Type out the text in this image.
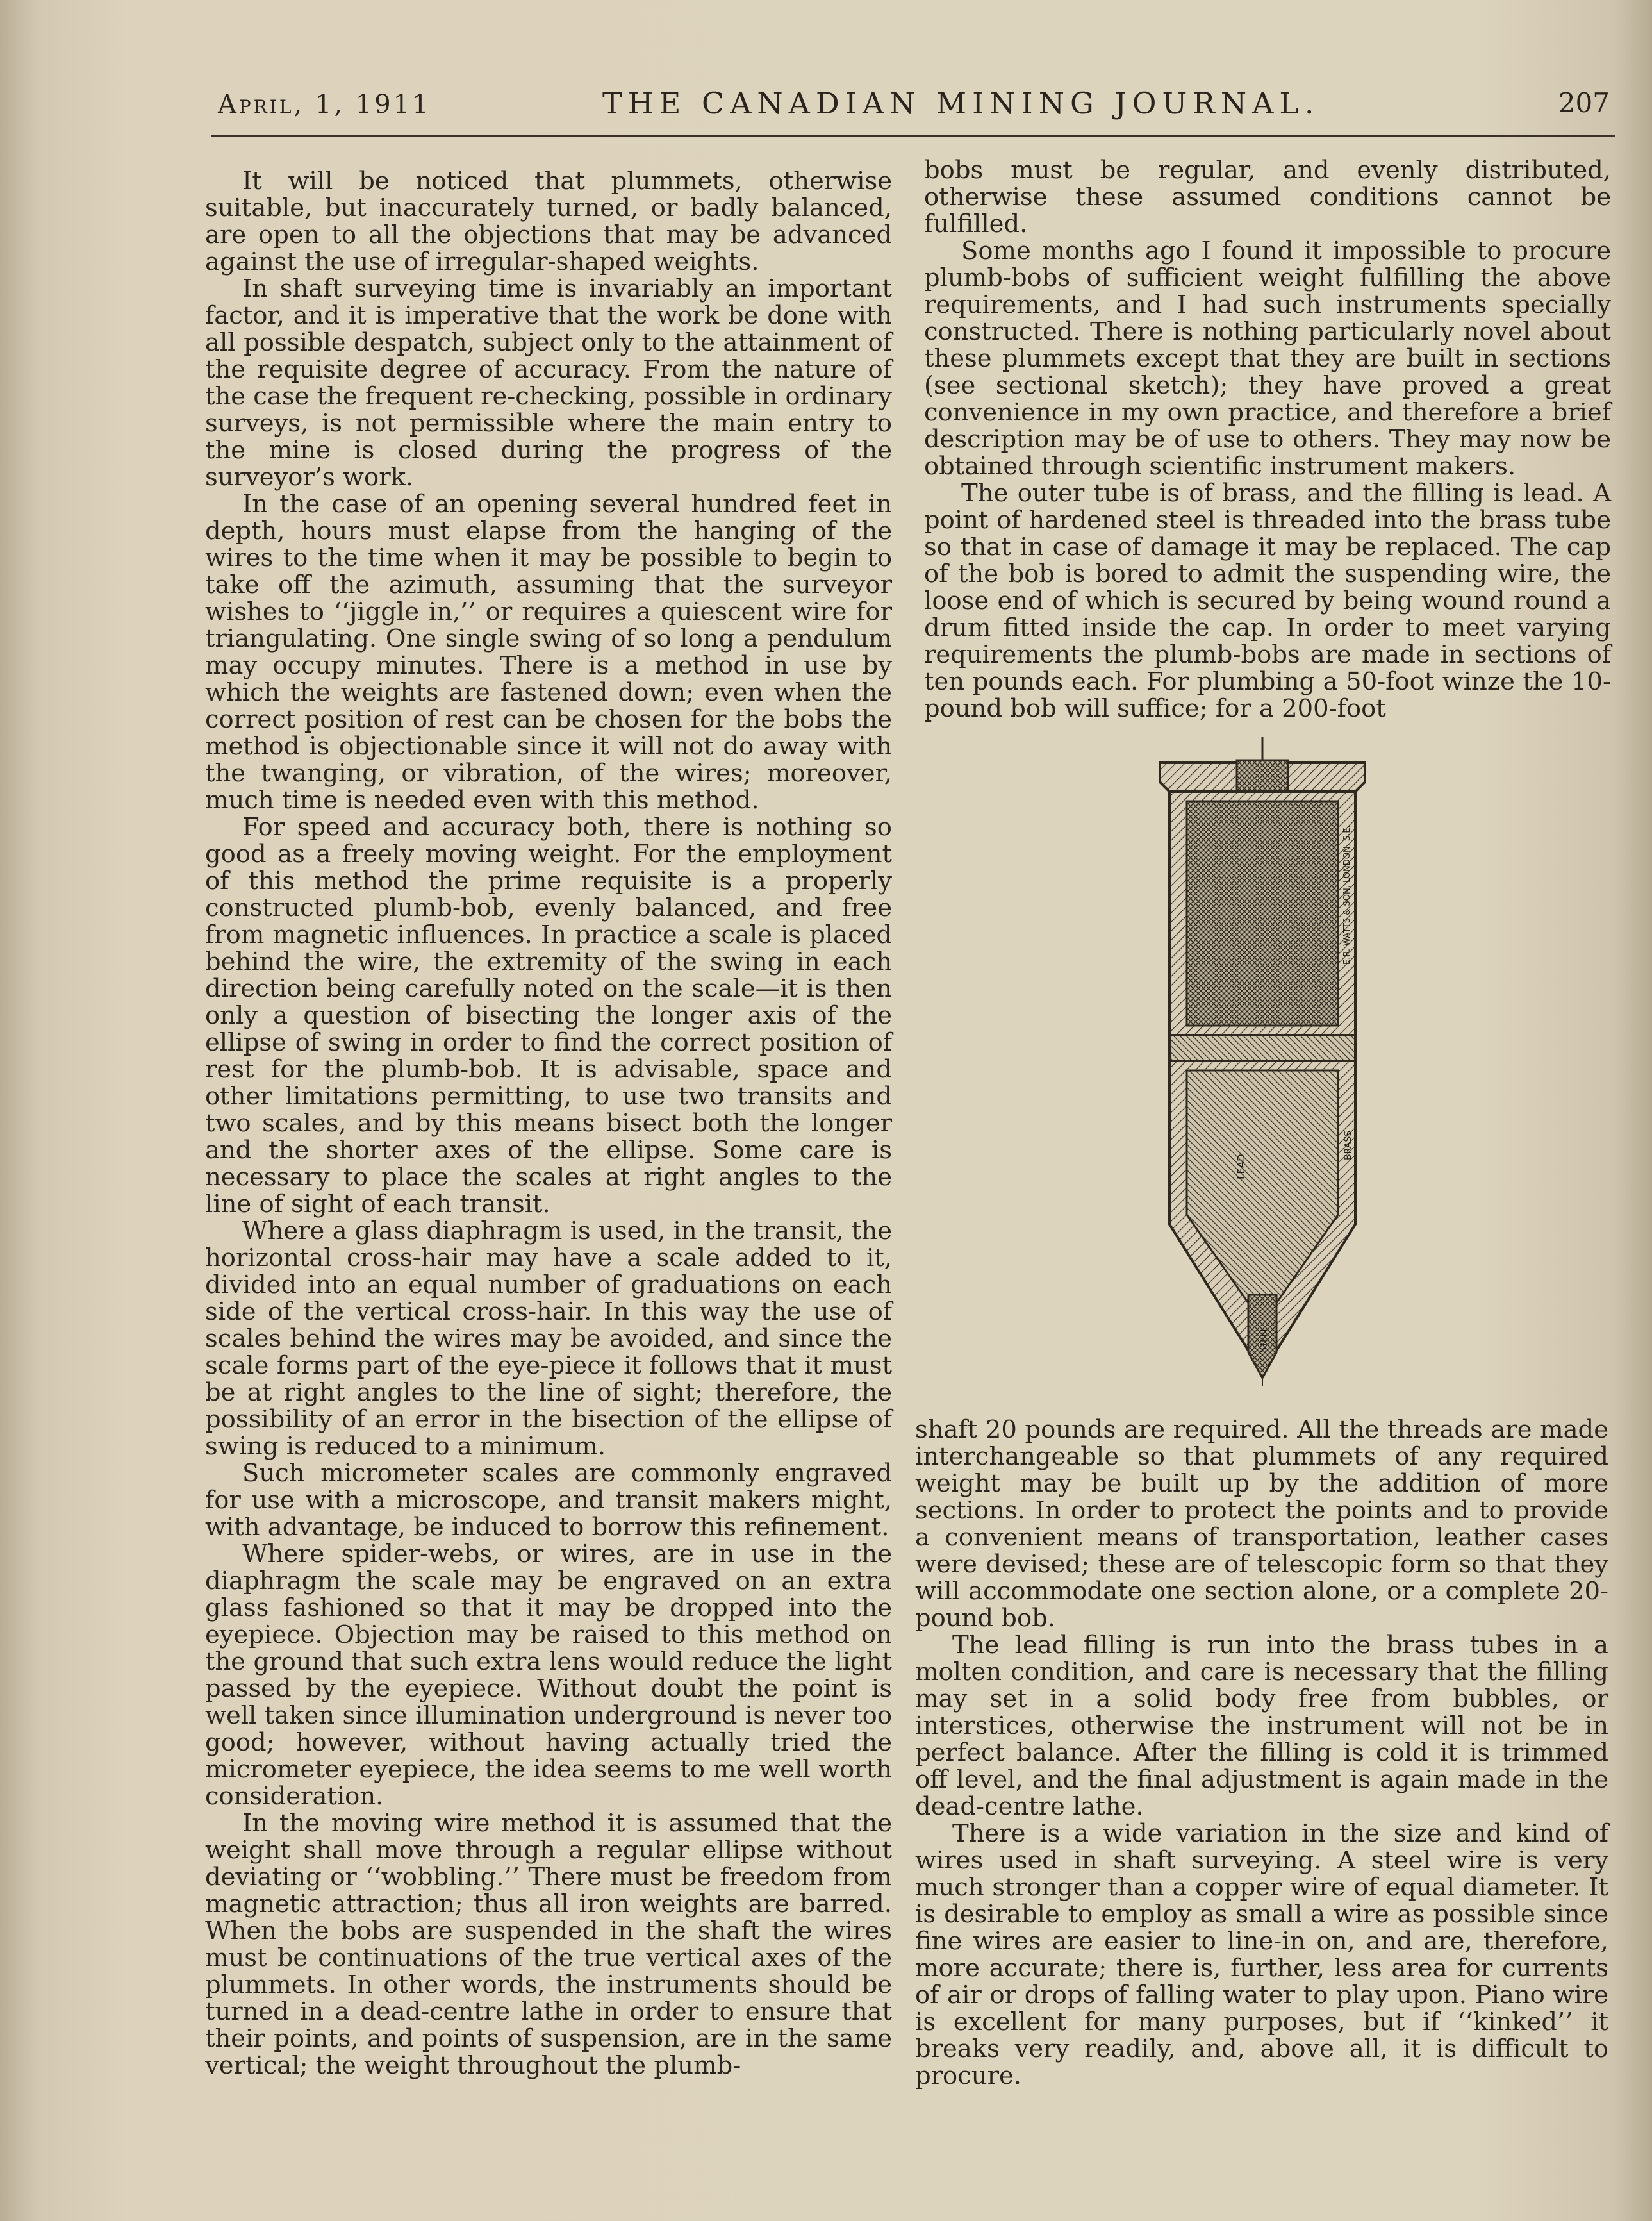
April, 1, 1911	THE CANADIAN MINING JOURNAL.	207

It will be noticed that plummets, otherwise suitable, but inaccurately turned, or badly balanced, are open to all the objections that may be advanced against the use of irregular-shaped weights.

In shaft surveying time is invariably an important factor, and it is imperative that the work be done with all possible despatch, subject only to the attainment of the requisite degree of accuracy. From the nature of the case the frequent re-checking, possible in ordinary surveys, is not permissible where the main entry to the mine is closed during the progress of the surveyor’s work.

In the case of an opening several hundred feet in depth, hours must elapse from the hanging of the wires to the time when it may be possible to begin to take off the azimuth, assuming that the surveyor wishes to ‘‘jiggle in,’’ or requires a quiescent wire for triangulating. One single swing of so long a pendulum may occupy minutes. There is a method in use by which the weights are fastened down; even when the correct position of rest can be chosen for the bobs the method is objectionable since it will not do away with the twanging, or vibration, of the wires; moreover, much time is needed even with this method.

For speed and accuracy both, there is nothing so good as a freely moving weight. For the employment of this method the prime requisite is a properly constructed plumb-bob, evenly balanced, and free from magnetic influences. In practice a scale is placed behind the wire, the extremity of the swing in each direction being carefully noted on the scale—it is then only a question of bisecting the longer axis of the ellipse of swing in order to find the correct position of rest for the plumb-bob. It is advisable, space and other limitations permitting, to use two transits and two scales, and by this means bisect both the longer and the shorter axes of the ellipse. Some care is necessary to place the scales at right angles to the line of sight of each transit.

Where a glass diaphragm is used, in the transit, the horizontal cross-hair may have a scale added to it, divided into an equal number of graduations on each side of the vertical cross-hair. In this way the use of scales behind the wires may be avoided, and since the scale forms part of the eye-piece it follows that it must be at right angles to the line of sight; therefore, the possibility of an error in the bisection of the ellipse of swing is reduced to a minimum.

Such micrometer scales are commonly engraved for use with a microscope, and transit makers might, with advantage, be induced to borrow this refinement.

Where spider-webs, or wires, are in use in the diaphragm the scale may be engraved on an extra glass fashioned so that it may be dropped into the eyepiece. Objection may be raised to this method on the ground that such extra lens would reduce the light passed by the eyepiece. Without doubt the point is well taken since illumination underground is never too good; however, without having actually tried the micrometer eyepiece, the idea seems to me well worth consideration.

In the moving wire method it is assumed that the weight shall move through a regular ellipse without deviating or ‘‘wobbling.’’ There must be freedom from magnetic attraction; thus all iron weights are barred. When the bobs are suspended in the shaft the wires must be continuations of the true vertical axes of the plummets. In other words, the instruments should be turned in a dead-centre lathe in order to ensure that their points, and points of suspension, are in the same vertical; the weight throughout the plumb-

bobs must be regular, and evenly distributed, otherwise these assumed conditions cannot be fulfilled.

Some months ago I found it impossible to procure plumb-bobs of sufficient weight fulfilling the above requirements, and I had such instruments specially constructed. There is nothing particularly novel about these plummets except that they are built in sections (see sectional sketch); they have proved a great convenience in my own practice, and therefore a brief description may be of use to others. They may now be obtained through scientific instrument makers.

The outer tube is of brass, and the filling is lead. A point of hardened steel is threaded into the brass tube so that in case of damage it may be replaced. The cap of the bob is bored to admit the suspending wire, the loose end of which is secured by being wound round a drum fitted inside the cap. In order to meet varying requirements the plumb-bobs are made in sections of ten pounds each. For plumbing a 50-foot winze the 10-pound bob will suffice; for a 200-foot

E.R. WATTS & SON, LONDON, S.E.
LEAD
BRASS
STEEL

shaft 20 pounds are required. All the threads are made interchangeable so that plummets of any required weight may be built up by the addition of more sections. In order to protect the points and to provide a convenient means of transportation, leather cases were devised; these are of telescopic form so that they will accommodate one section alone, or a complete 20-pound bob.

The lead filling is run into the brass tubes in a molten condition, and care is necessary that the filling may set in a solid body free from bubbles, or interstices, otherwise the instrument will not be in perfect balance. After the filling is cold it is trimmed off level, and the final adjustment is again made in the dead-centre lathe.

There is a wide variation in the size and kind of wires used in shaft surveying. A steel wire is very much stronger than a copper wire of equal diameter. It is desirable to employ as small a wire as possible since fine wires are easier to line-in on, and are, therefore, more accurate; there is, further, less area for currents of air or drops of falling water to play upon. Piano wire is excellent for many purposes, but if ‘‘kinked’’ it breaks very readily, and, above all, it is difficult to procure.
